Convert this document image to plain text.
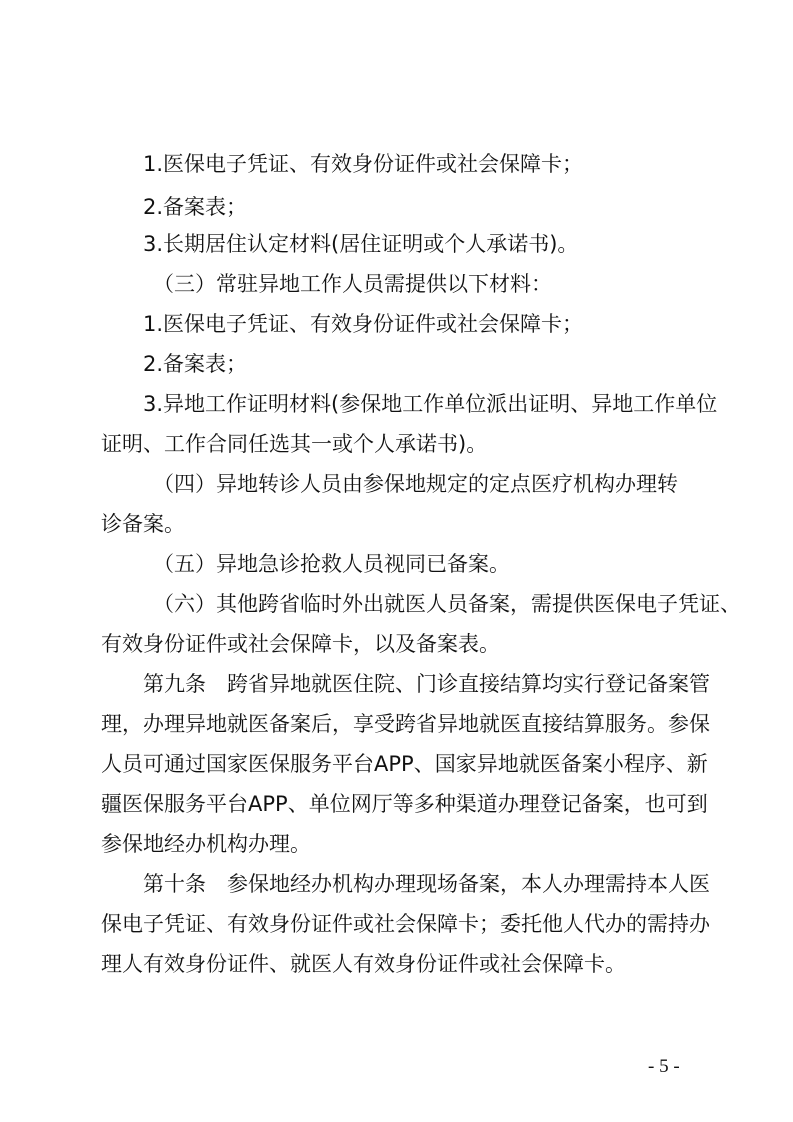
1.医保电子凭证、有效身份证件或社会保障卡；
2.备案表；
3.长期居住认定材料(居住证明或个人承诺书)。
（三）常驻异地工作人员需提供以下材料：
1.医保电子凭证、有效身份证件或社会保障卡；
2.备案表；
3.异地工作证明材料(参保地工作单位派出证明、异地工作单位
证明、工作合同任选其一或个人承诺书)。
（四）异地转诊人员由参保地规定的定点医疗机构办理转
诊备案。
（五）异地急诊抢救人员视同已备案。
（六）其他跨省临时外出就医人员备案，需提供医保电子凭证、
有效身份证件或社会保障卡，以及备案表。
第九条　跨省异地就医住院、门诊直接结算均实行登记备案管
理，办理异地就医备案后，享受跨省异地就医直接结算服务。参保
人员可通过国家医保服务平台APP、国家异地就医备案小程序、新
疆医保服务平台APP、单位网厅等多种渠道办理登记备案，也可到
参保地经办机构办理。
第十条　参保地经办机构办理现场备案，本人办理需持本人医
保电子凭证、有效身份证件或社会保障卡；委托他人代办的需持办
理人有效身份证件、就医人有效身份证件或社会保障卡。
- 5 -
